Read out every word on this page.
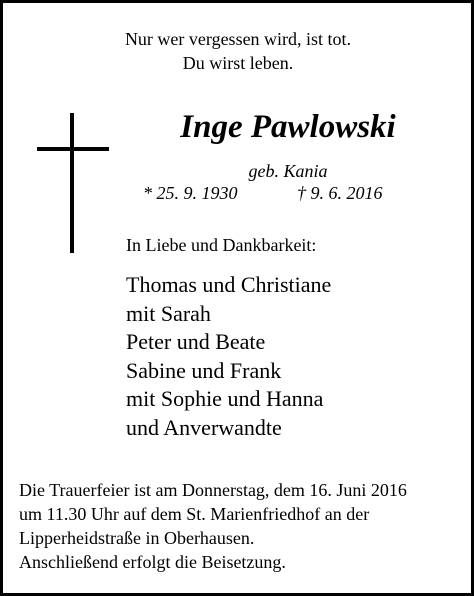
Nur wer vergessen wird, ist tot.
Du wirst leben.
Inge Pawlowski
geb. Kania
* 25. 9. 1930	† 9. 6. 2016
In Liebe und Dankbarkeit:
Thomas und Christiane
mit Sarah
Peter und Beate
Sabine und Frank
mit Sophie und Hanna
und Anverwandte
Die Trauerfeier ist am Donnerstag, dem 16. Juni 2016
um 11.30 Uhr auf dem St. Marienfriedhof an der
Lipperheidstraße in Oberhausen.
Anschließend erfolgt die Beisetzung.
